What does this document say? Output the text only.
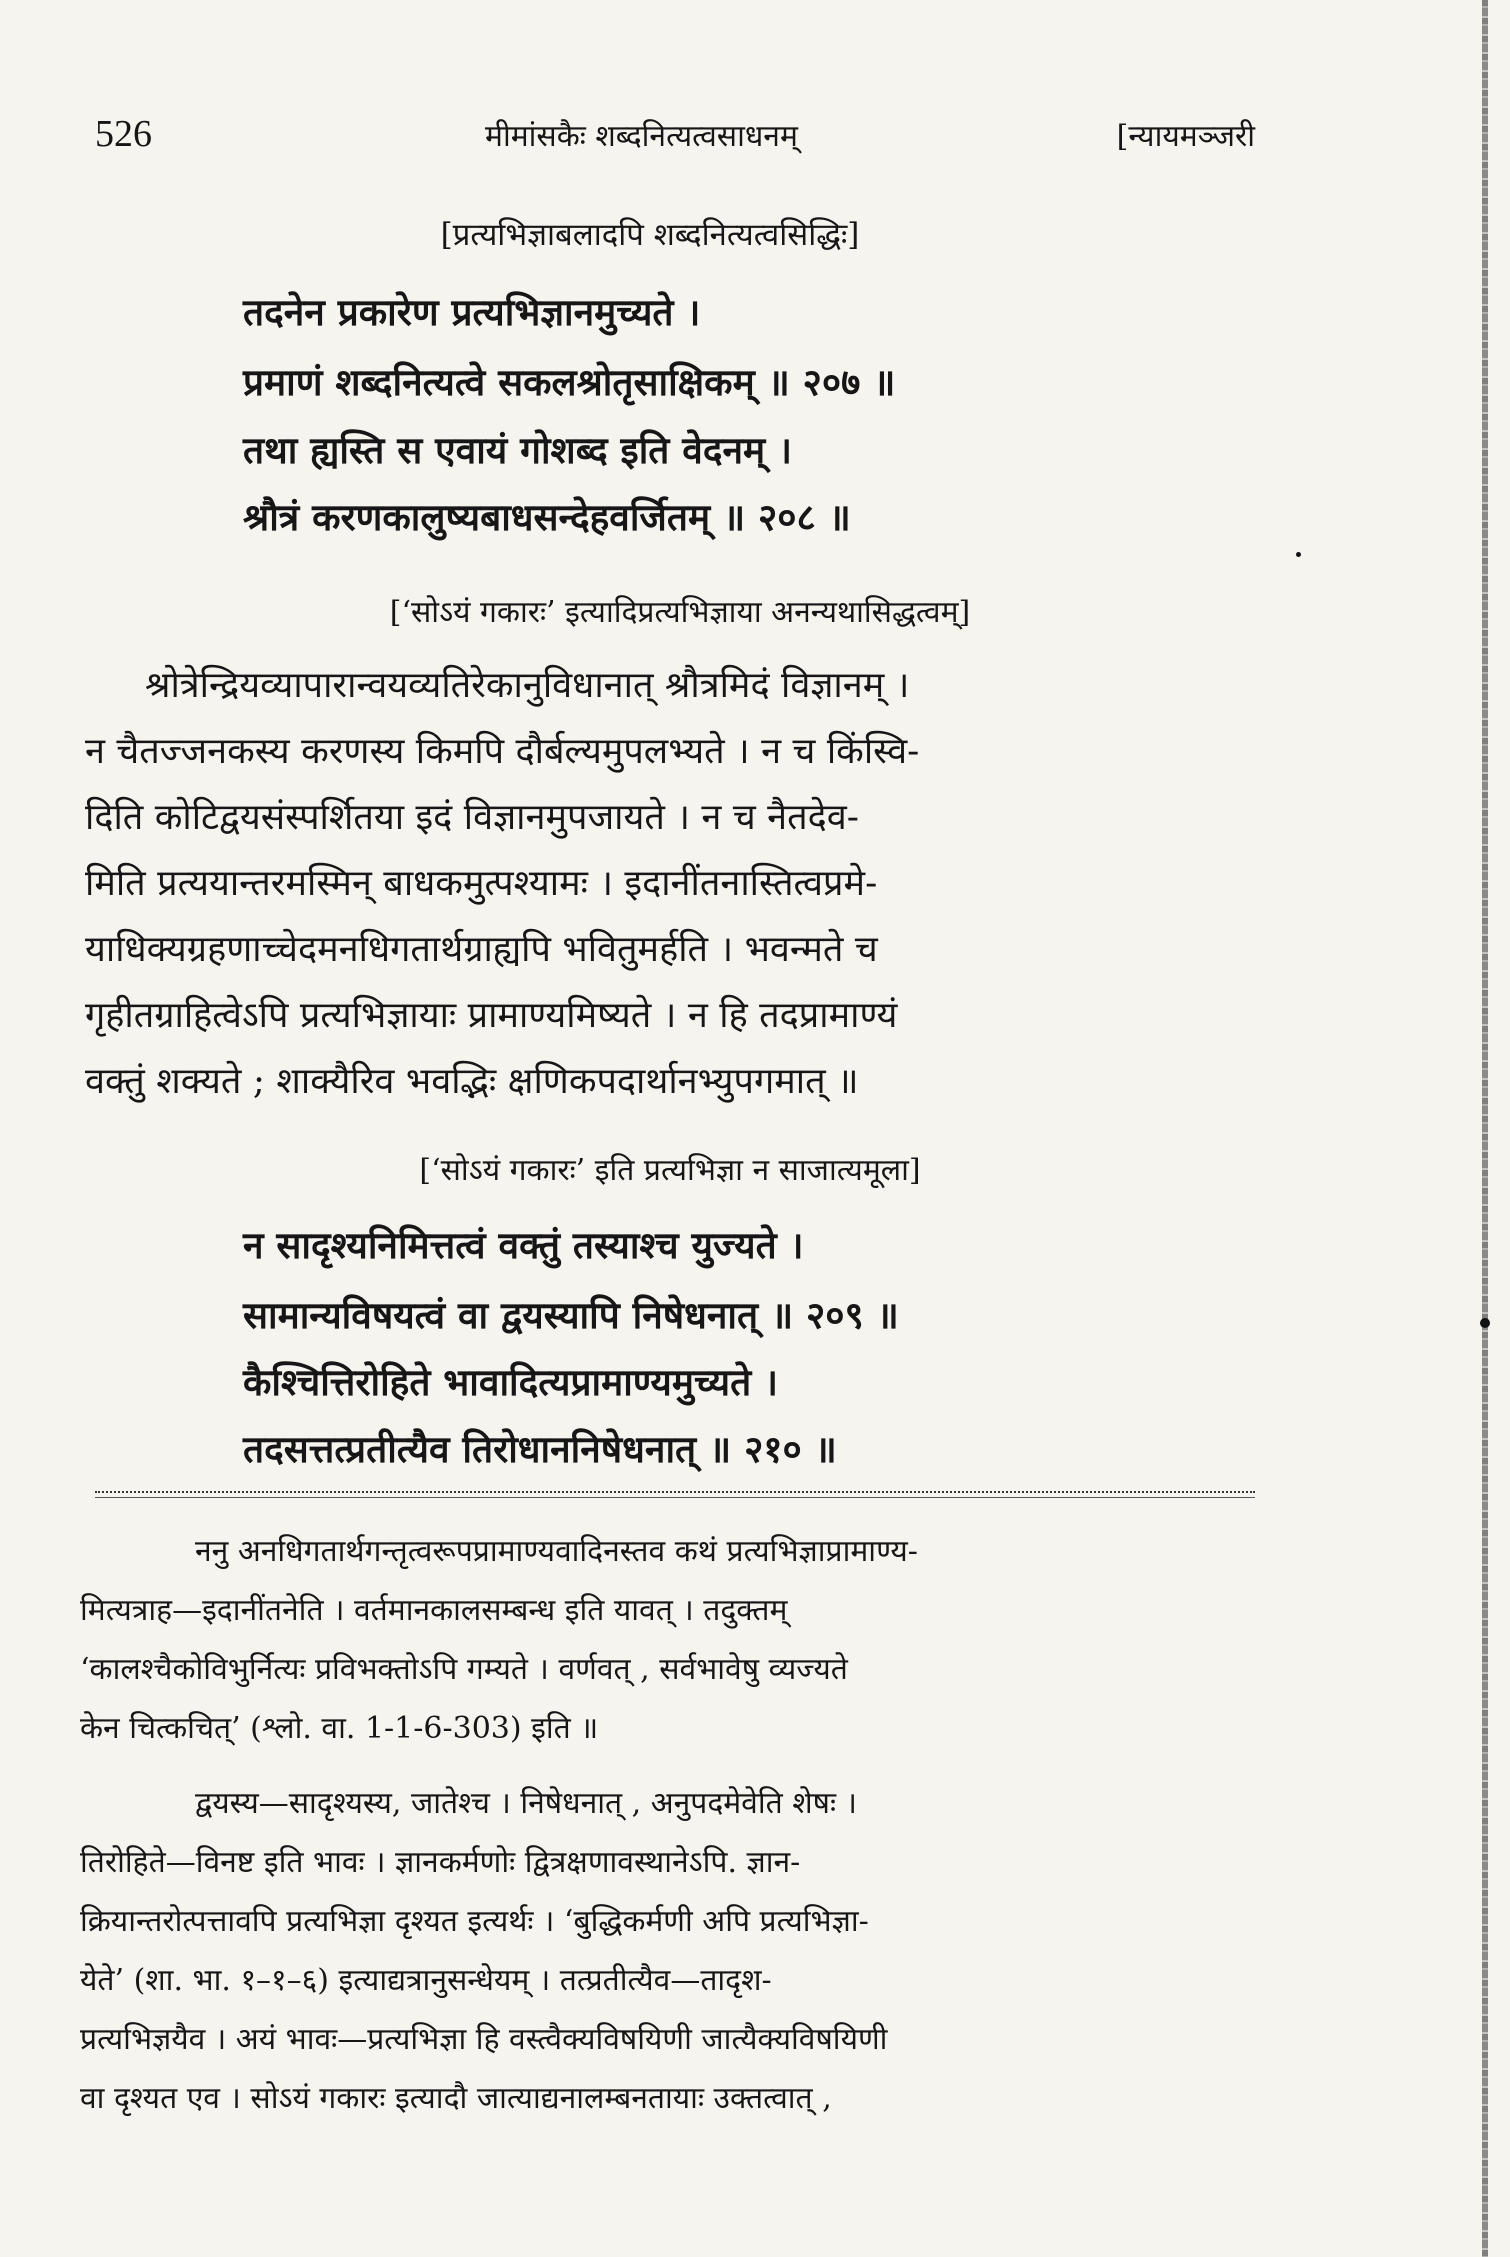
526	मीमांसकैः शब्दनित्यत्वसाधनम्	[न्यायमञ्जरी
[प्रत्यभिज्ञाबलादपि शब्दनित्यत्वसिद्धिः]
तदनेन प्रकारेण प्रत्यभिज्ञानमुच्यते ।
प्रमाणं शब्दनित्यत्वे सकलश्रोतृसाक्षिकम् ॥ २०७ ॥
तथा ह्यस्ति स एवायं गोशब्द इति वेदनम् ।
श्रौत्रं करणकालुष्यबाधसन्देहवर्जितम् ॥ २०८ ॥
[‘सोऽयं गकारः’ इत्यादिप्रत्यभिज्ञाया अनन्यथासिद्धत्वम्]
श्रोत्रेन्द्रियव्यापारान्वयव्यतिरेकानुविधानात् श्रौत्रमिदं विज्ञानम् ।
न चैतज्जनकस्य करणस्य किमपि दौर्बल्यमुपलभ्यते । न च किंस्वि-
दिति कोटिद्वयसंस्पर्शितया इदं विज्ञानमुपजायते । न च नैतदेव-
मिति प्रत्ययान्तरमस्मिन् बाधकमुत्पश्यामः । इदानींतनास्तित्वप्रमे-
याधिक्यग्रहणाच्चेदमनधिगतार्थग्राह्यपि भवितुमर्हति । भवन्मते च
गृहीतग्राहित्वेऽपि प्रत्यभिज्ञायाः प्रामाण्यमिष्यते । न हि तदप्रामाण्यं
वक्तुं शक्यते ; शाक्यैरिव भवद्भिः क्षणिकपदार्थानभ्युपगमात् ॥
[‘सोऽयं गकारः’ इति प्रत्यभिज्ञा न साजात्यमूला]
न सादृश्यनिमित्तत्वं वक्तुं तस्याश्च युज्यते ।
सामान्यविषयत्वं वा द्वयस्यापि निषेधनात् ॥ २०९ ॥
कैश्चित्तिरोहिते भावादित्यप्रामाण्यमुच्यते ।
तदसत्तत्प्रतीत्यैव तिरोधाननिषेधनात् ॥ २१० ॥
ननु अनधिगतार्थगन्तृत्वरूपप्रामाण्यवादिनस्तव कथं प्रत्यभिज्ञाप्रामाण्य-
मित्यत्राह—इदानींतनेति । वर्तमानकालसम्बन्ध इति यावत् । तदुक्तम्
‘कालश्चैकोविभुर्नित्यः प्रविभक्तोऽपि गम्यते । वर्णवत् , सर्वभावेषु व्यज्यते
केन चित्कचित्’ (श्लो. वा. 1-1-6-303) इति ॥
द्वयस्य—सादृश्यस्य, जातेश्च । निषेधनात् , अनुपदमेवेति शेषः ।
तिरोहिते—विनष्ट इति भावः । ज्ञानकर्मणोः द्वित्रक्षणावस्थानेऽपि. ज्ञान-
क्रियान्तरोत्पत्तावपि प्रत्यभिज्ञा दृश्यत इत्यर्थः । ‘बुद्धिकर्मणी अपि प्रत्यभिज्ञा-
येते’ (शा. भा. १–१–६) इत्याद्यत्रानुसन्धेयम् । तत्प्रतीत्यैव—तादृश-
प्रत्यभिज्ञयैव । अयं भावः—प्रत्यभिज्ञा हि वस्त्वैक्यविषयिणी जात्यैक्यविषयिणी
वा दृश्यत एव । सोऽयं गकारः इत्यादौ जात्याद्यनालम्बनतायाः उक्तत्वात् ,
